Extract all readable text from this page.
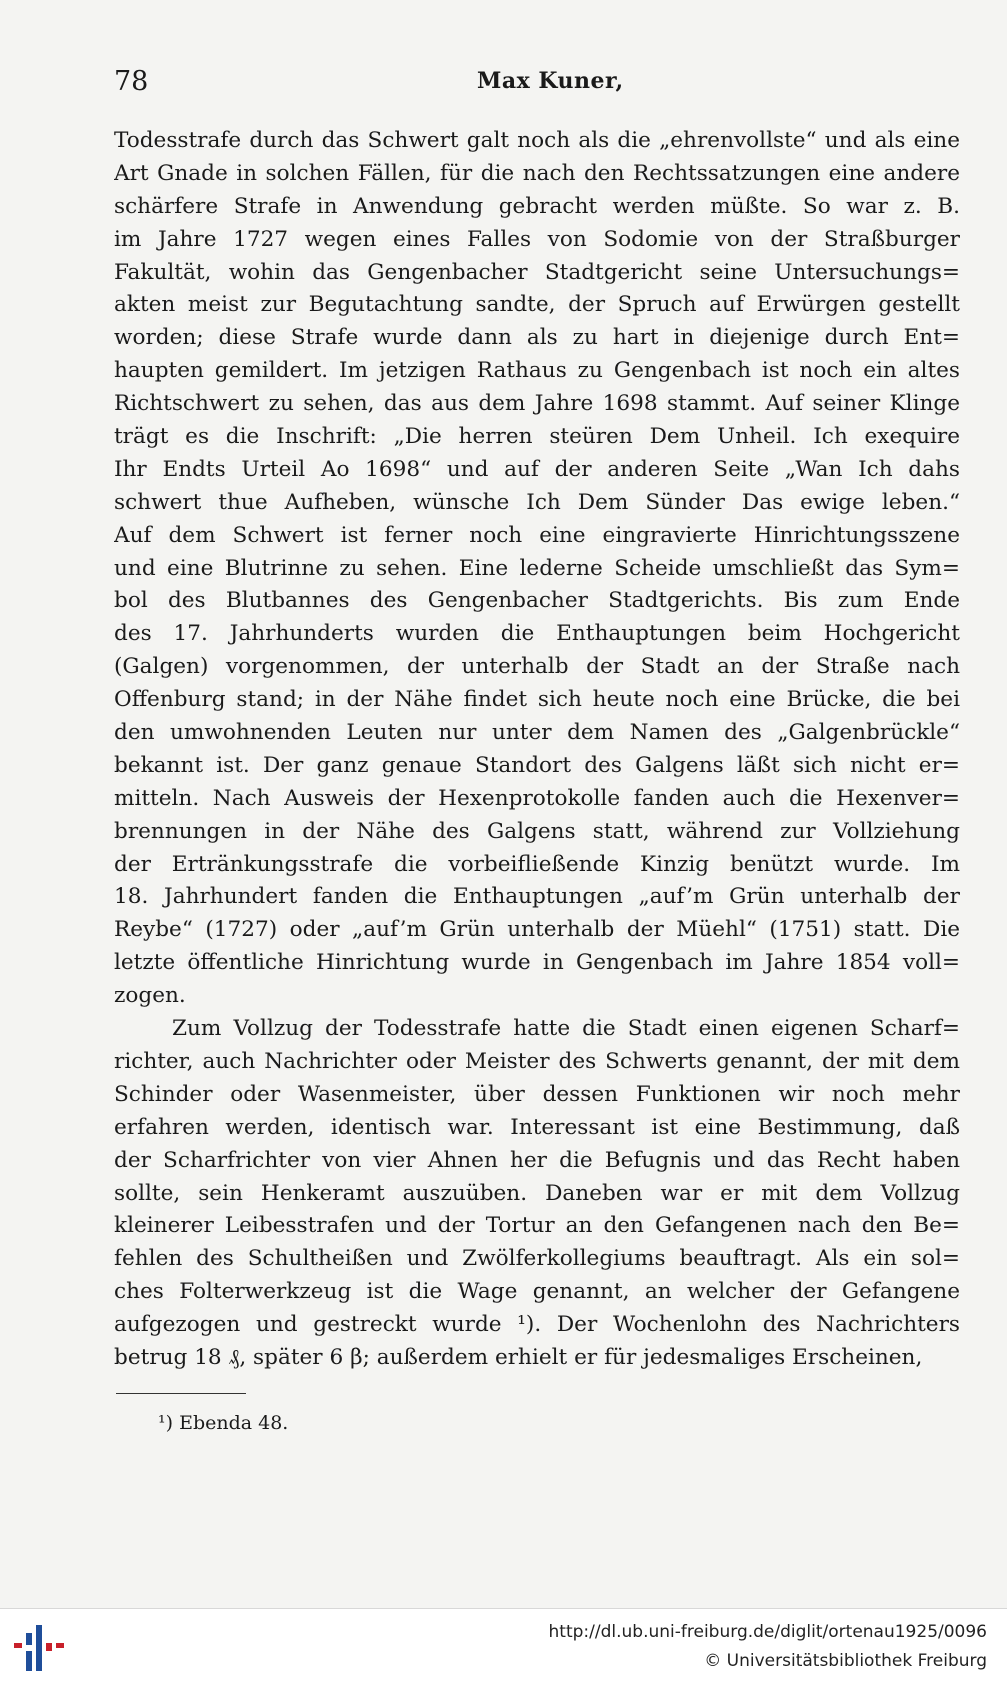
78	Max Kuner,
Todesstrafe durch das Schwert galt noch als die „ehrenvollste“ und als eine
Art Gnade in solchen Fällen, für die nach den Rechtssatzungen eine andere
schärfere Strafe in Anwendung gebracht werden müßte. So war z. B.
im Jahre 1727 wegen eines Falles von Sodomie von der Straßburger
Fakultät, wohin das Gengenbacher Stadtgericht seine Untersuchungs=
akten meist zur Begutachtung sandte, der Spruch auf Erwürgen gestellt
worden; diese Strafe wurde dann als zu hart in diejenige durch Ent=
haupten gemildert. Im jetzigen Rathaus zu Gengenbach ist noch ein altes
Richtschwert zu sehen, das aus dem Jahre 1698 stammt. Auf seiner Klinge
trägt es die Inschrift: „Die herren steüren Dem Unheil. Ich exequire
Ihr Endts Urteil Ao 1698“ und auf der anderen Seite „Wan Ich dahs
schwert thue Aufheben, wünsche Ich Dem Sünder Das ewige leben.“
Auf dem Schwert ist ferner noch eine eingravierte Hinrichtungsszene
und eine Blutrinne zu sehen. Eine lederne Scheide umschließt das Sym=
bol des Blutbannes des Gengenbacher Stadtgerichts. Bis zum Ende
des 17. Jahrhunderts wurden die Enthauptungen beim Hochgericht
(Galgen) vorgenommen, der unterhalb der Stadt an der Straße nach
Offenburg stand; in der Nähe findet sich heute noch eine Brücke, die bei
den umwohnenden Leuten nur unter dem Namen des „Galgenbrückle“
bekannt ist. Der ganz genaue Standort des Galgens läßt sich nicht er=
mitteln. Nach Ausweis der Hexenprotokolle fanden auch die Hexenver=
brennungen in der Nähe des Galgens statt, während zur Vollziehung
der Ertränkungsstrafe die vorbeifließende Kinzig benützt wurde. Im
18. Jahrhundert fanden die Enthauptungen „auf’m Grün unterhalb der
Reybe“ (1727) oder „auf’m Grün unterhalb der Müehl“ (1751) statt. Die
letzte öffentliche Hinrichtung wurde in Gengenbach im Jahre 1854 voll=
zogen.
Zum Vollzug der Todesstrafe hatte die Stadt einen eigenen Scharf=
richter, auch Nachrichter oder Meister des Schwerts genannt, der mit dem
Schinder oder Wasenmeister, über dessen Funktionen wir noch mehr
erfahren werden, identisch war. Interessant ist eine Bestimmung, daß
der Scharfrichter von vier Ahnen her die Befugnis und das Recht haben
sollte, sein Henkeramt auszuüben. Daneben war er mit dem Vollzug
kleinerer Leibesstrafen und der Tortur an den Gefangenen nach den Be=
fehlen des Schultheißen und Zwölferkollegiums beauftragt. Als ein sol=
ches Folterwerkzeug ist die Wage genannt, an welcher der Gefangene
aufgezogen und gestreckt wurde ¹). Der Wochenlohn des Nachrichters
betrug 18 ₰, später 6 β; außerdem erhielt er für jedesmaliges Erscheinen,
¹) Ebenda 48.
http://dl.ub.uni-freiburg.de/diglit/ortenau1925/0096
© Universitätsbibliothek Freiburg
